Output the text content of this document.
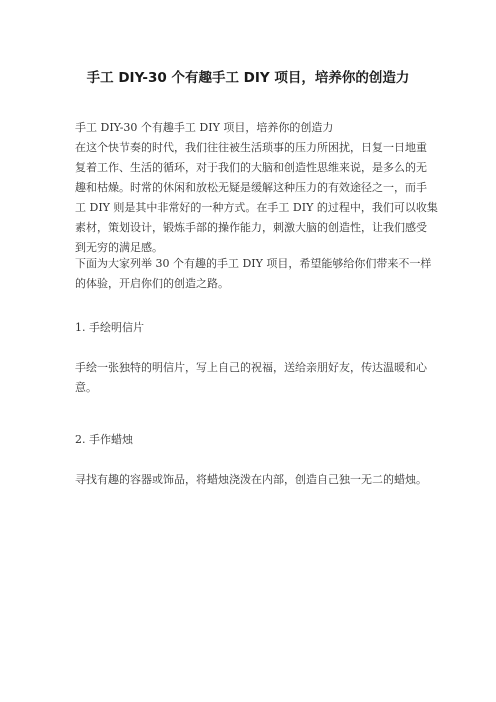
手工 DIY-30 个有趣手工 DIY 项目，培养你的创造力

手工 DIY-30 个有趣手工 DIY 项目，培养你的创造力

在这个快节奏的时代，我们往往被生活琐事的压力所困扰，日复一日地重
复着工作、生活的循环，对于我们的大脑和创造性思维来说，是多么的无
趣和枯燥。时常的休闲和放松无疑是缓解这种压力的有效途径之一，而手
工 DIY 则是其中非常好的一种方式。在手工 DIY 的过程中，我们可以收集
素材，策划设计，锻炼手部的操作能力，刺激大脑的创造性，让我们感受
到无穷的满足感。

下面为大家列举 30 个有趣的手工 DIY 项目，希望能够给你们带来不一样
的体验，开启你们的创造之路。

1. 手绘明信片

手绘一张独特的明信片，写上自己的祝福，送给亲朋好友，传达温暖和心
意。

2. 手作蜡烛

寻找有趣的容器或饰品，将蜡烛浇泼在内部，创造自己独一无二的蜡烛。
